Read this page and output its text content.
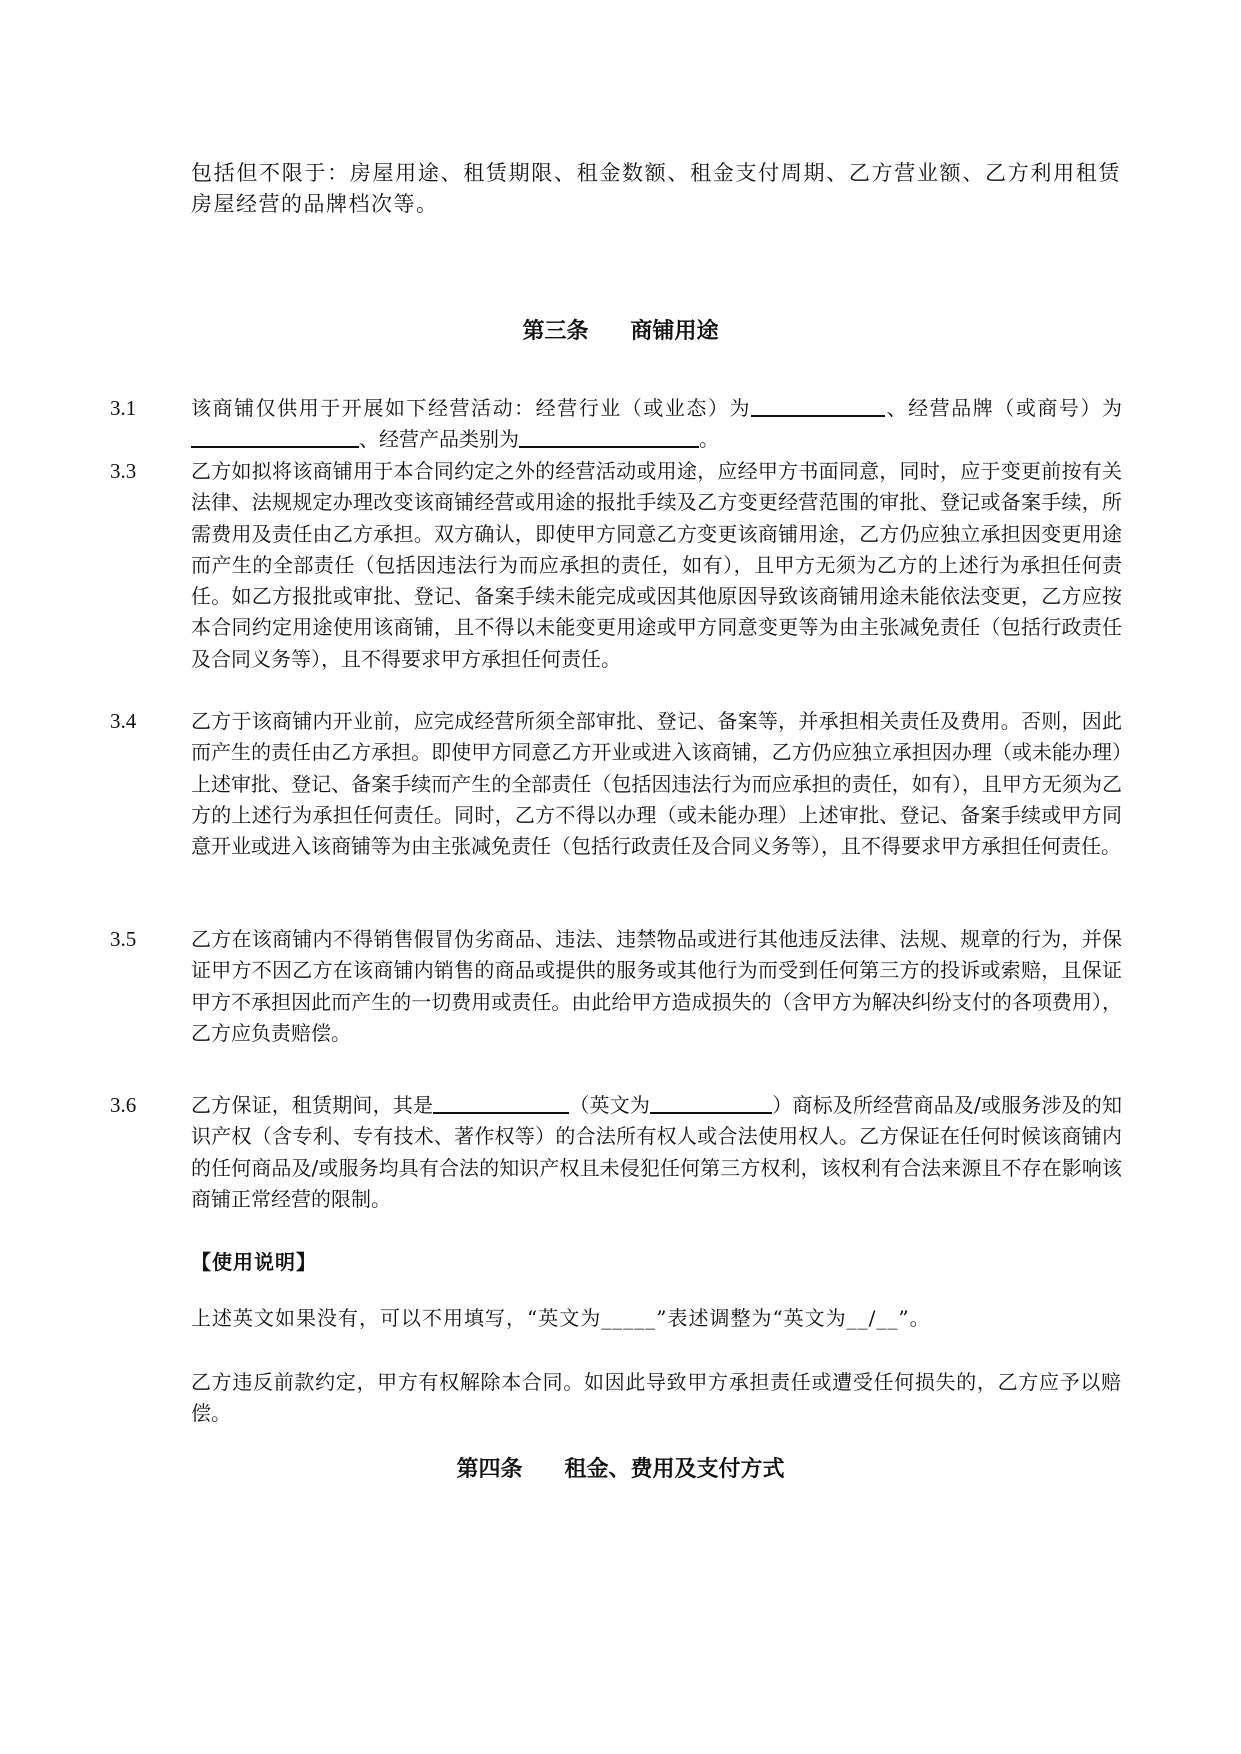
包括但不限于：房屋用途、租赁期限、租金数额、租金支付周期、乙方营业额、乙方利用租赁房屋经营的品牌档次等。

第三条 商铺用途
3.1	该商铺仅供用于开展如下经营活动：经营行业（或业态）为	、经营品牌（或商号）为、经营产品类别为	。
3.3	乙方如拟将该商铺用于本合同约定之外的经营活动或用途，应经甲方书面同意，同时，应于变更前按有关法律、法规规定办理改变该商铺经营或用途的报批手续及乙方变更经营范围的审批、登记或备案手续，所需费用及责任由乙方承担。双方确认，即使甲方同意乙方变更该商铺用途，乙方仍应独立承担因变更用途而产生的全部责任（包括因违法行为而应承担的责任，如有），且甲方无须为乙方的上述行为承担任何责任。如乙方报批或审批、登记、备案手续未能完成或因其他原因导致该商铺用途未能依法变更，乙方应按本合同约定用途使用该商铺，且不得以未能变更用途或甲方同意变更等为由主张减免责任（包括行政责任及合同义务等），且不得要求甲方承担任何责任。
3.4	乙方于该商铺内开业前，应完成经营所须全部审批、登记、备案等，并承担相关责任及费用。否则，因此而产生的责任由乙方承担。即使甲方同意乙方开业或进入该商铺，乙方仍应独立承担因办理（或未能办理）上述审批、登记、备案手续而产生的全部责任（包括因违法行为而应承担的责任，如有），且甲方无须为乙方的上述行为承担任何责任。同时，乙方不得以办理（或未能办理）上述审批、登记、备案手续或甲方同意开业或进入该商铺等为由主张减免责任（包括行政责任及合同义务等），且不得要求甲方承担任何责任。
3.5	乙方在该商铺内不得销售假冒伪劣商品、违法、违禁物品或进行其他违反法律、法规、规章的行为，并保证甲方不因乙方在该商铺内销售的商品或提供的服务或其他行为而受到任何第三方的投诉或索赔，且保证甲方不承担因此而产生的一切费用或责任。由此给甲方造成损失的（含甲方为解决纠纷支付的各项费用），乙方应负责赔偿。
3.6	乙方保证，租赁期间，其是	（英文为	）商标及所经营商品及/或服务涉及的知识产权（含专利、专有技术、著作权等）的合法所有权人或合法使用权人。乙方保证在任何时候该商铺内的任何商品及/或服务均具有合法的知识产权且未侵犯任何第三方权利，该权利有合法来源且不存在影响该商铺正常经营的限制。
【使用说明】
上述英文如果没有，可以不用填写，“英文为_____”表述调整为“英文为__/__”。
乙方违反前款约定，甲方有权解除本合同。如因此导致甲方承担责任或遭受任何损失的，乙方应予以赔偿。
第四条 租金、费用及支付方式
